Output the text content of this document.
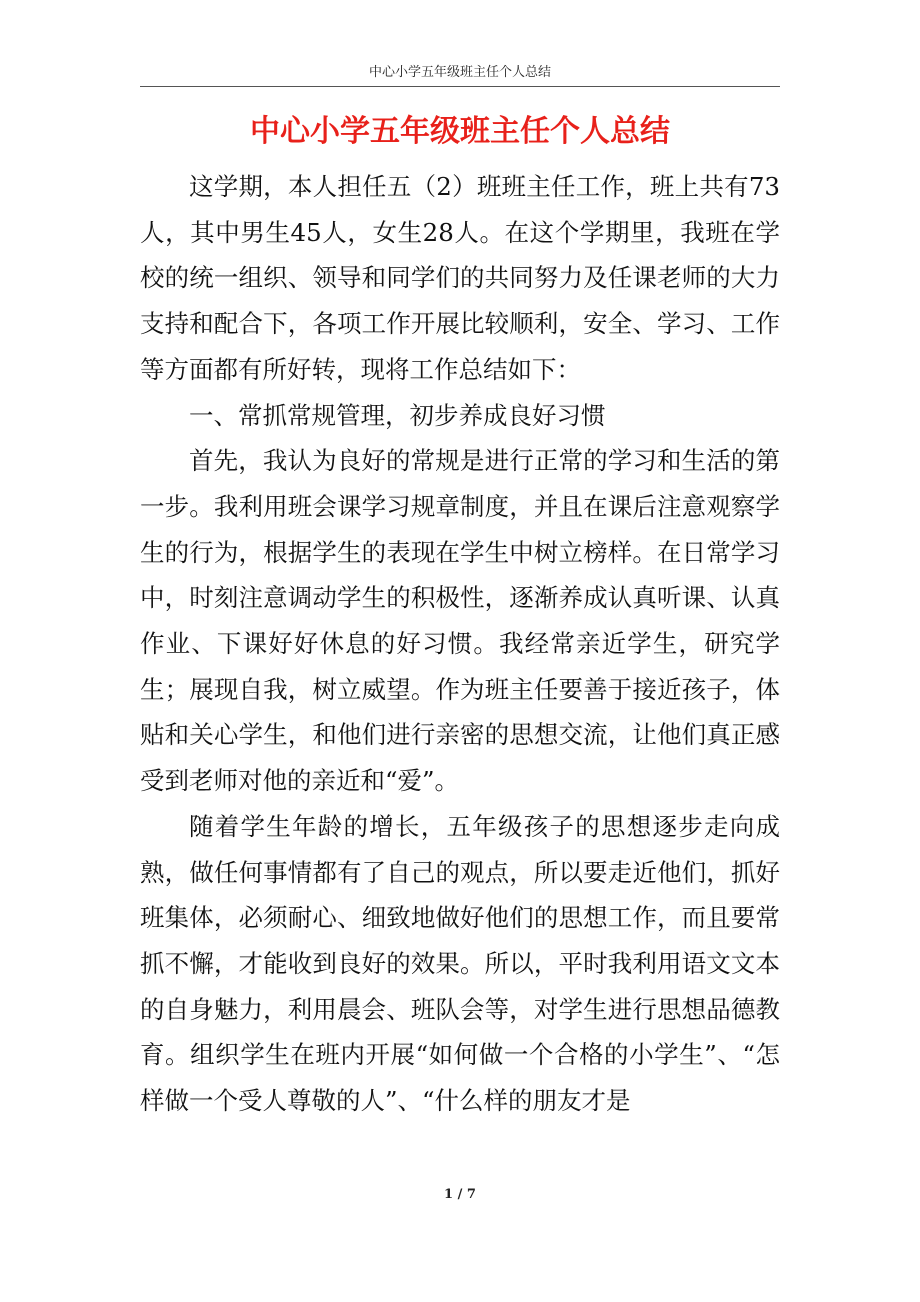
中心小学五年级班主任个人总结
中心小学五年级班主任个人总结

这学期，本人担任五（2）班班主任工作，班上共有73人，其中男生45人，女生28人。在这个学期里，我班在学校的统一组织、领导和同学们的共同努力及任课老师的大力支持和配合下，各项工作开展比较顺利，安全、学习、工作等方面都有所好转，现将工作总结如下：

一、常抓常规管理，初步养成良好习惯

首先，我认为良好的常规是进行正常的学习和生活的第一步。我利用班会课学习规章制度，并且在课后注意观察学生的行为，根据学生的表现在学生中树立榜样。在日常学习中，时刻注意调动学生的积极性，逐渐养成认真听课、认真作业、下课好好休息的好习惯。我经常亲近学生，研究学生；展现自我，树立威望。作为班主任要善于接近孩子，体贴和关心学生，和他们进行亲密的思想交流，让他们真正感受到老师对他的亲近和“爱”。

随着学生年龄的增长，五年级孩子的思想逐步走向成熟，做任何事情都有了自己的观点，所以要走近他们，抓好班集体，必须耐心、细致地做好他们的思想工作，而且要常抓不懈，才能收到良好的效果。所以，平时我利用语文文本的自身魅力，利用晨会、班队会等，对学生进行思想品德教育。组织学生在班内开展“如何做一个合格的小学生”、“怎样做一个受人尊敬的人”、“什么样的朋友才是

1 / 7
